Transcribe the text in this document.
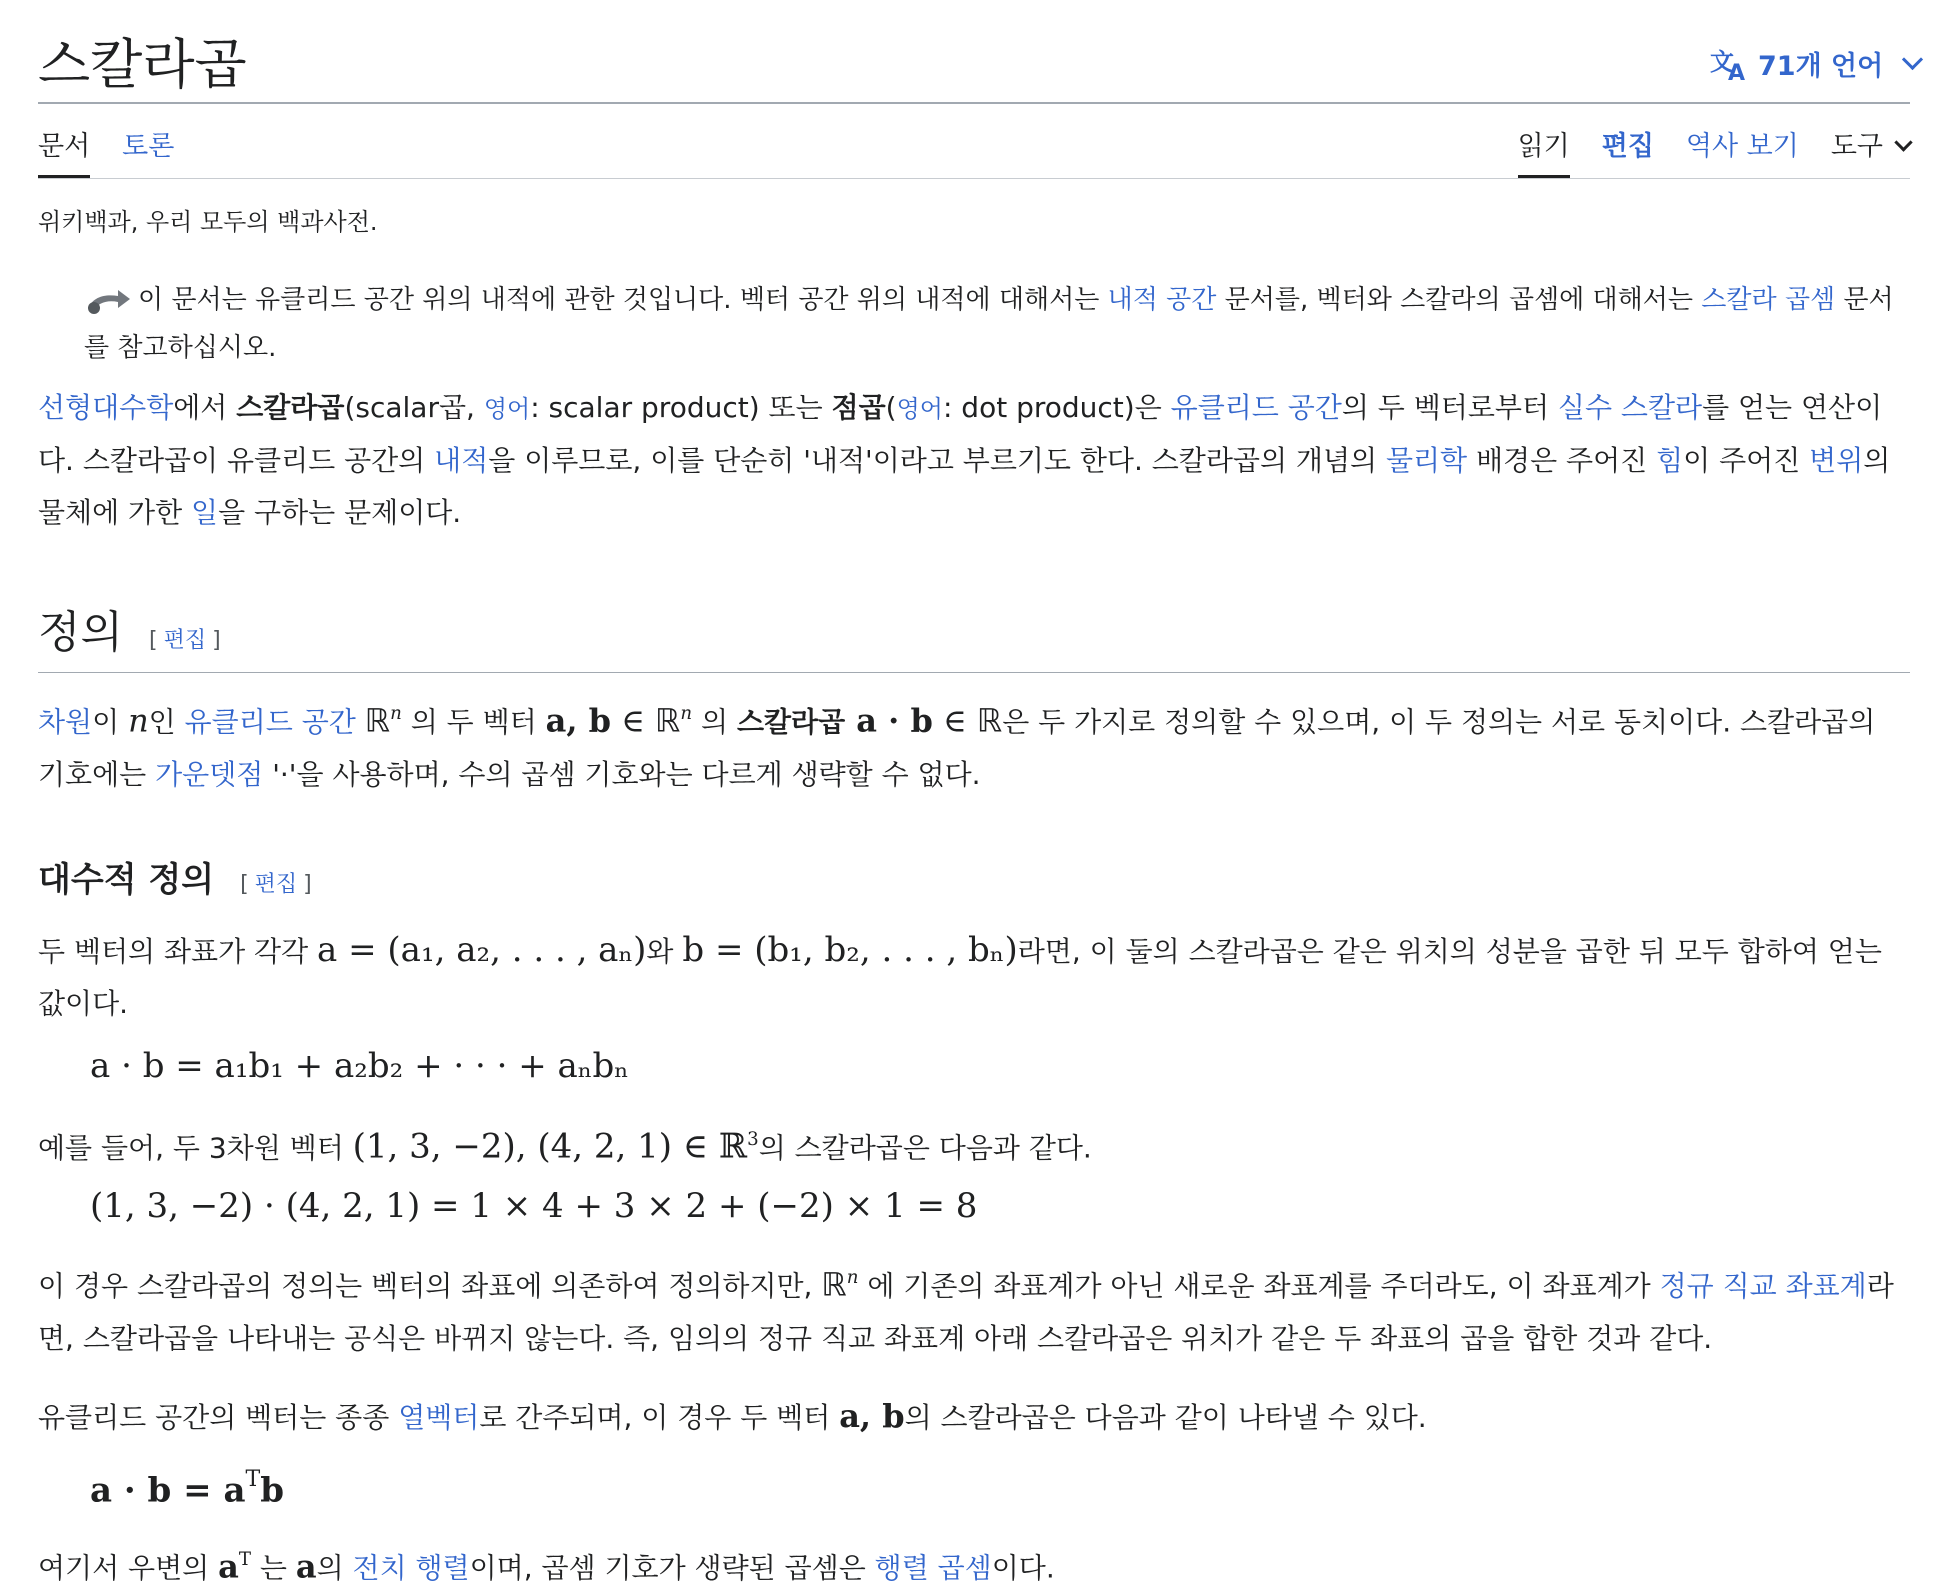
스칼라곱	文
A 71개 언어
문서 토론	읽기 편집 역사 보기 도구
위키백과, 우리 모두의 백과사전.
이 문서는 유클리드 공간 위의 내적에 관한 것입니다. 벡터 공간 위의 내적에 대해서는 내적 공간 문서를, 벡터와 스칼라의 곱셈에 대해서는 스칼라 곱셈 문서를 참고하십시오.
선형대수학에서 스칼라곱(scalar곱, 영어: scalar product) 또는 점곱(영어: dot product)은 유클리드 공간의 두 벡터로부터 실수 스칼라를 얻는 연산이다. 스칼라곱이 유클리드 공간의 내적을 이루므로, 이를 단순히 '내적'이라고 부르기도 한다. 스칼라곱의 개념의 물리학 배경은 주어진 힘이 주어진 변위의 물체에 가한 일을 구하는 문제이다.
정의 [ 편집 ]
차원이 n인 유클리드 공간 ℝ$^n$ 의 두 벡터 a, b ∈ ℝ$^n$ 의 스칼라곱 a · b ∈ ℝ은 두 가지로 정의할 수 있으며, 이 두 정의는 서로 동치이다. 스칼라곱의 기호에는 가운뎃점 '·'을 사용하며, 수의 곱셈 기호와는 다르게 생략할 수 없다.
대수적 정의 [ 편집 ]
두 벡터의 좌표가 각각 a = (a₁, a₂, . . . , aₙ)와 b = (b₁, b₂, . . . , bₙ)라면, 이 둘의 스칼라곱은 같은 위치의 성분을 곱한 뒤 모두 합하여 얻는 값이다.
a · b = a₁b₁ + a₂b₂ + · · · + aₙbₙ
예를 들어, 두 3차원 벡터 (1, 3, −2), (4, 2, 1) ∈ ℝ$^3$의 스칼라곱은 다음과 같다.
(1, 3, −2) · (4, 2, 1) = 1 × 4 + 3 × 2 + (−2) × 1 = 8
이 경우 스칼라곱의 정의는 벡터의 좌표에 의존하여 정의하지만, ℝ$^n$ 에 기존의 좌표계가 아닌 새로운 좌표계를 주더라도, 이 좌표계가 정규 직교 좌표계라면, 스칼라곱을 나타내는 공식은 바뀌지 않는다. 즉, 임의의 정규 직교 좌표계 아래 스칼라곱은 위치가 같은 두 좌표의 곱을 합한 것과 같다.
유클리드 공간의 벡터는 종종 열벡터로 간주되며, 이 경우 두 벡터 a, b의 스칼라곱은 다음과 같이 나타낼 수 있다.
$a \cdot b = a^Tb$
여기서 우변의 $a^T$ 는 a의 전치 행렬이며, 곱셈 기호가 생략된 곱셈은 행렬 곱셈이다.
